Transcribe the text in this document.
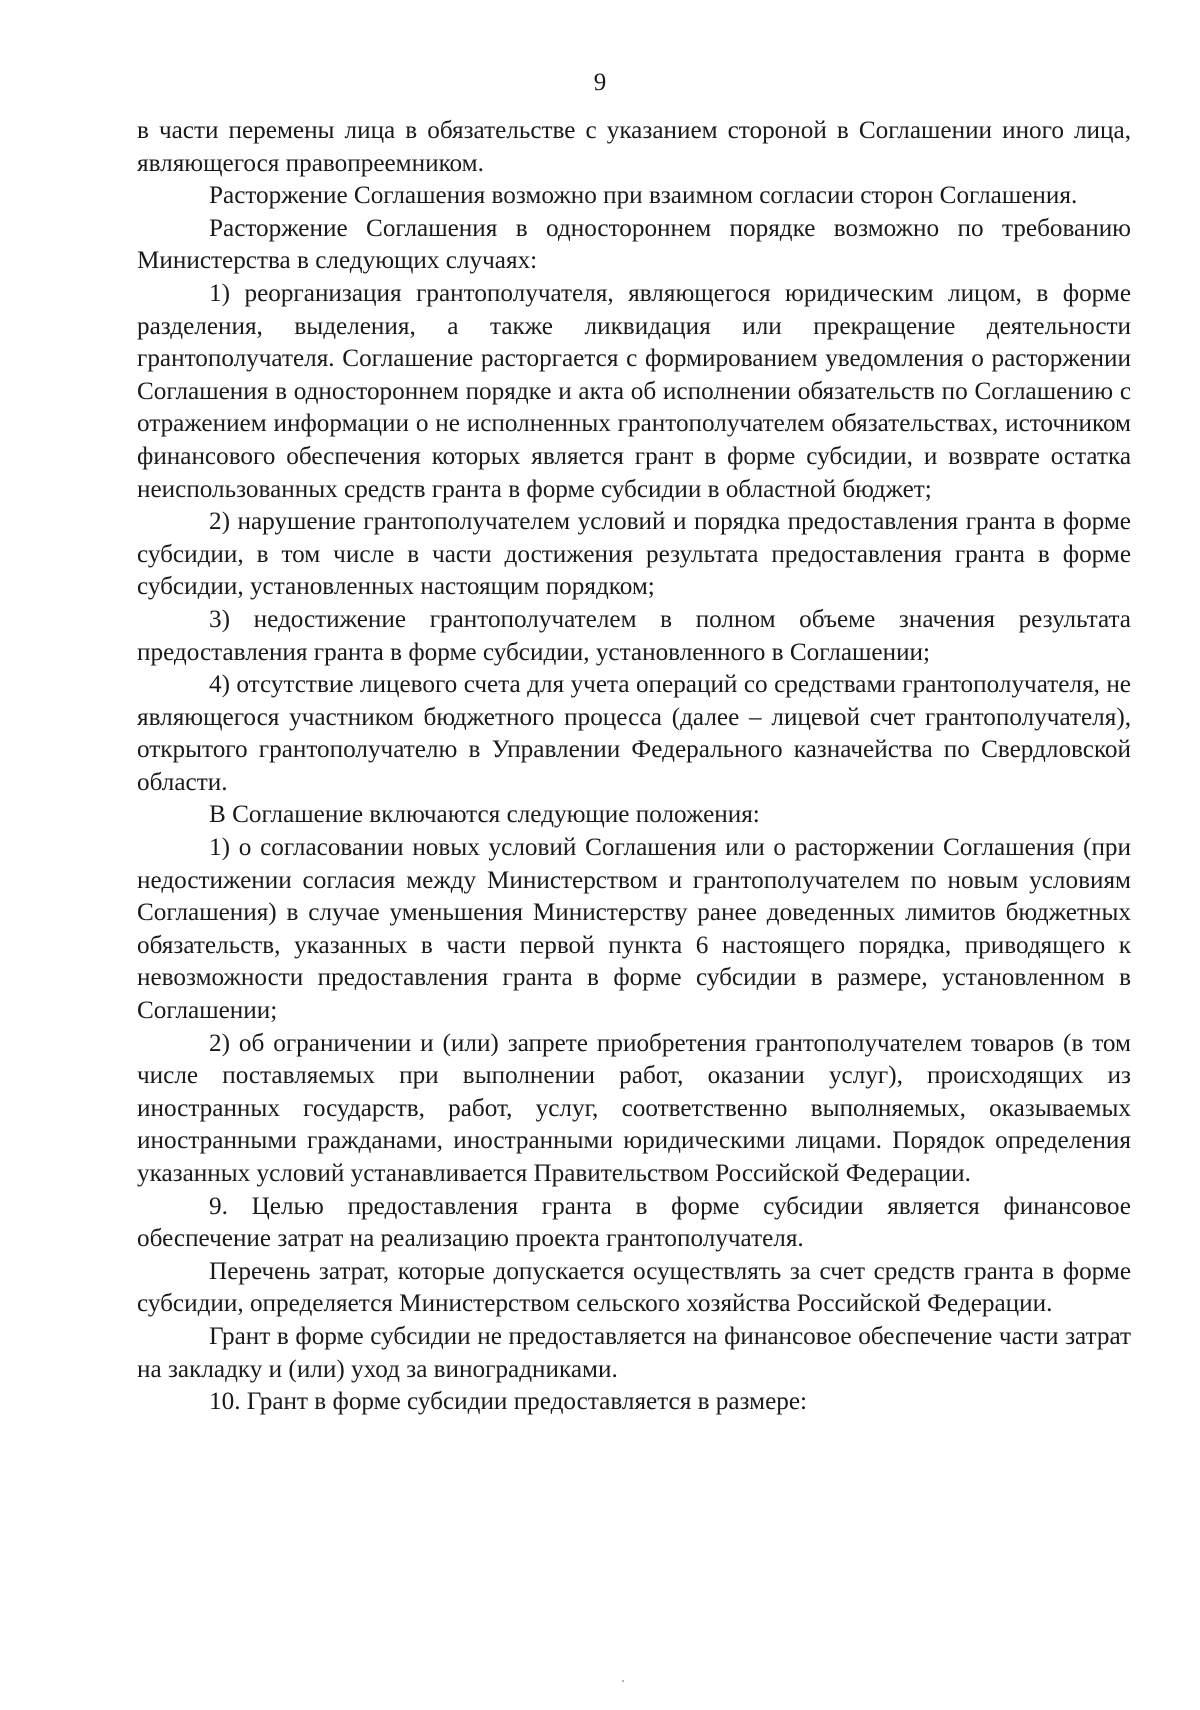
9

в части перемены лица в обязательстве с указанием стороной в Соглашении иного лица, являющегося правопреемником.

Расторжение Соглашения возможно при взаимном согласии сторон Соглашения.

Расторжение Соглашения в одностороннем порядке возможно по требованию Министерства в следующих случаях:

1) реорганизация грантополучателя, являющегося юридическим лицом, в форме разделения, выделения, а также ликвидация или прекращение деятельности грантополучателя. Соглашение расторгается с формированием уведомления о расторжении Соглашения в одностороннем порядке и акта об исполнении обязательств по Соглашению с отражением информации о не исполненных грантополучателем обязательствах, источником финансового обеспечения которых является грант в форме субсидии, и возврате остатка неиспользованных средств гранта в форме субсидии в областной бюджет;

2) нарушение грантополучателем условий и порядка предоставления гранта в форме субсидии, в том числе в части достижения результата предоставления гранта в форме субсидии, установленных настоящим порядком;

3) недостижение грантополучателем в полном объеме значения результата предоставления гранта в форме субсидии, установленного в Соглашении;

4) отсутствие лицевого счета для учета операций со средствами грантополучателя, не являющегося участником бюджетного процесса (далее – лицевой счет грантополучателя), открытого грантополучателю в Управлении Федерального казначейства по Свердловской области.

В Соглашение включаются следующие положения:

1) о согласовании новых условий Соглашения или о расторжении Соглашения (при недостижении согласия между Министерством и грантополучателем по новым условиям Соглашения) в случае уменьшения Министерству ранее доведенных лимитов бюджетных обязательств, указанных в части первой пункта 6 настоящего порядка, приводящего к невозможности предоставления гранта в форме субсидии в размере, установленном в Соглашении;

2) об ограничении и (или) запрете приобретения грантополучателем товаров (в том числе поставляемых при выполнении работ, оказании услуг), происходящих из иностранных государств, работ, услуг, соответственно выполняемых, оказываемых иностранными гражданами, иностранными юридическими лицами. Порядок определения указанных условий устанавливается Правительством Российской Федерации.

9. Целью предоставления гранта в форме субсидии является финансовое обеспечение затрат на реализацию проекта грантополучателя.

Перечень затрат, которые допускается осуществлять за счет средств гранта в форме субсидии, определяется Министерством сельского хозяйства Российской Федерации.

Грант в форме субсидии не предоставляется на финансовое обеспечение части затрат на закладку и (или) уход за виноградниками.

10. Грант в форме субсидии предоставляется в размере:
